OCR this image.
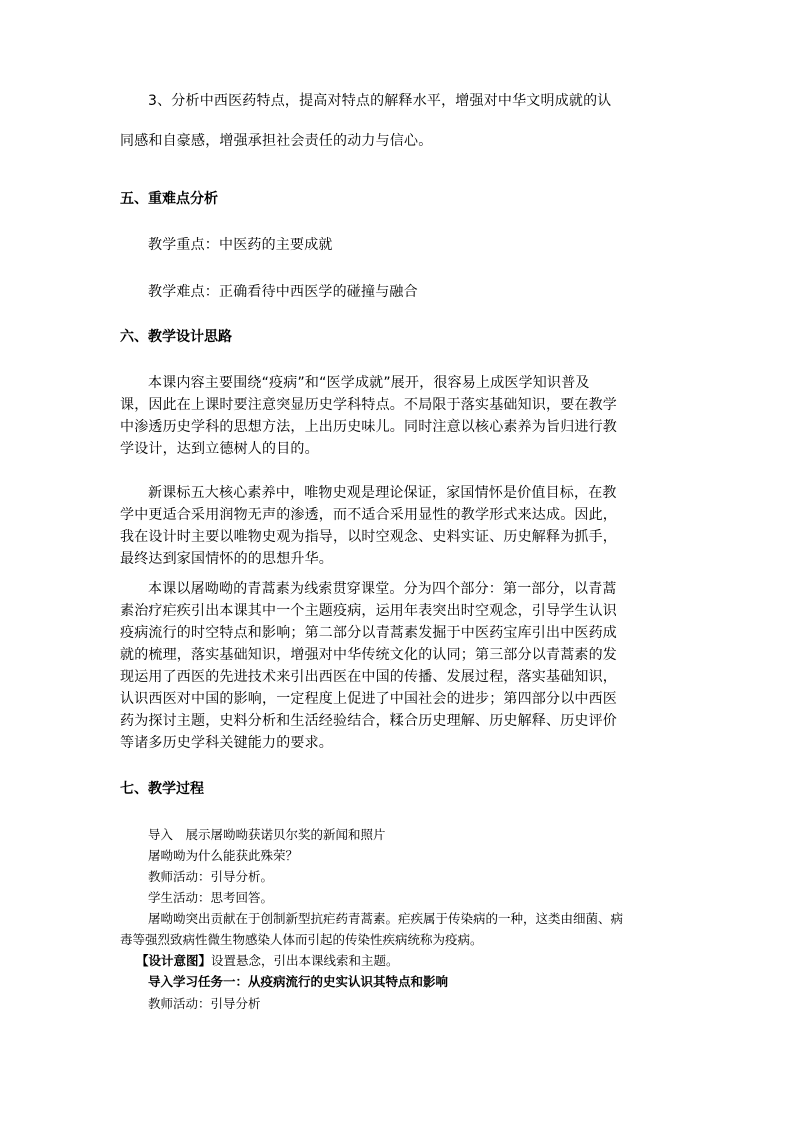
3、分析中西医药特点，提高对特点的解释水平，增强对中华文明成就的认
同感和自豪感，增强承担社会责任的动力与信心。
五、重难点分析
教学重点：中医药的主要成就
教学难点：正确看待中西医学的碰撞与融合
六、教学设计思路
本课内容主要围绕“疫病”和“医学成就”展开，很容易上成医学知识普及
课，因此在上课时要注意突显历史学科特点。不局限于落实基础知识，要在教学
中渗透历史学科的思想方法，上出历史味儿。同时注意以核心素养为旨归进行教
学设计，达到立德树人的目的。
新课标五大核心素养中，唯物史观是理论保证，家国情怀是价值目标，在教
学中更适合采用润物无声的渗透，而不适合采用显性的教学形式来达成。因此，
我在设计时主要以唯物史观为指导，以时空观念、史料实证、历史解释为抓手，
最终达到家国情怀的的思想升华。
本课以屠呦呦的青蒿素为线索贯穿课堂。分为四个部分：第一部分，以青蒿
素治疗疟疾引出本课其中一个主题疫病，运用年表突出时空观念，引导学生认识
疫病流行的时空特点和影响；第二部分以青蒿素发掘于中医药宝库引出中医药成
就的梳理，落实基础知识，增强对中华传统文化的认同；第三部分以青蒿素的发
现运用了西医的先进技术来引出西医在中国的传播、发展过程，落实基础知识，
认识西医对中国的影响，一定程度上促进了中国社会的进步；第四部分以中西医
药为探讨主题，史料分析和生活经验结合，糅合历史理解、历史解释、历史评价
等诸多历史学科关键能力的要求。
七、教学过程
导入　展示屠呦呦获诺贝尔奖的新闻和照片
屠呦呦为什么能获此殊荣？
教师活动：引导分析。
学生活动：思考回答。
屠呦呦突出贡献在于创制新型抗疟药青蒿素。疟疾属于传染病的一种，这类由细菌、病
毒等强烈致病性微生物感染人体而引起的传染性疾病统称为疫病。
【设计意图】设置悬念，引出本课线索和主题。
导入学习任务一：从疫病流行的史实认识其特点和影响
教师活动：引导分析
